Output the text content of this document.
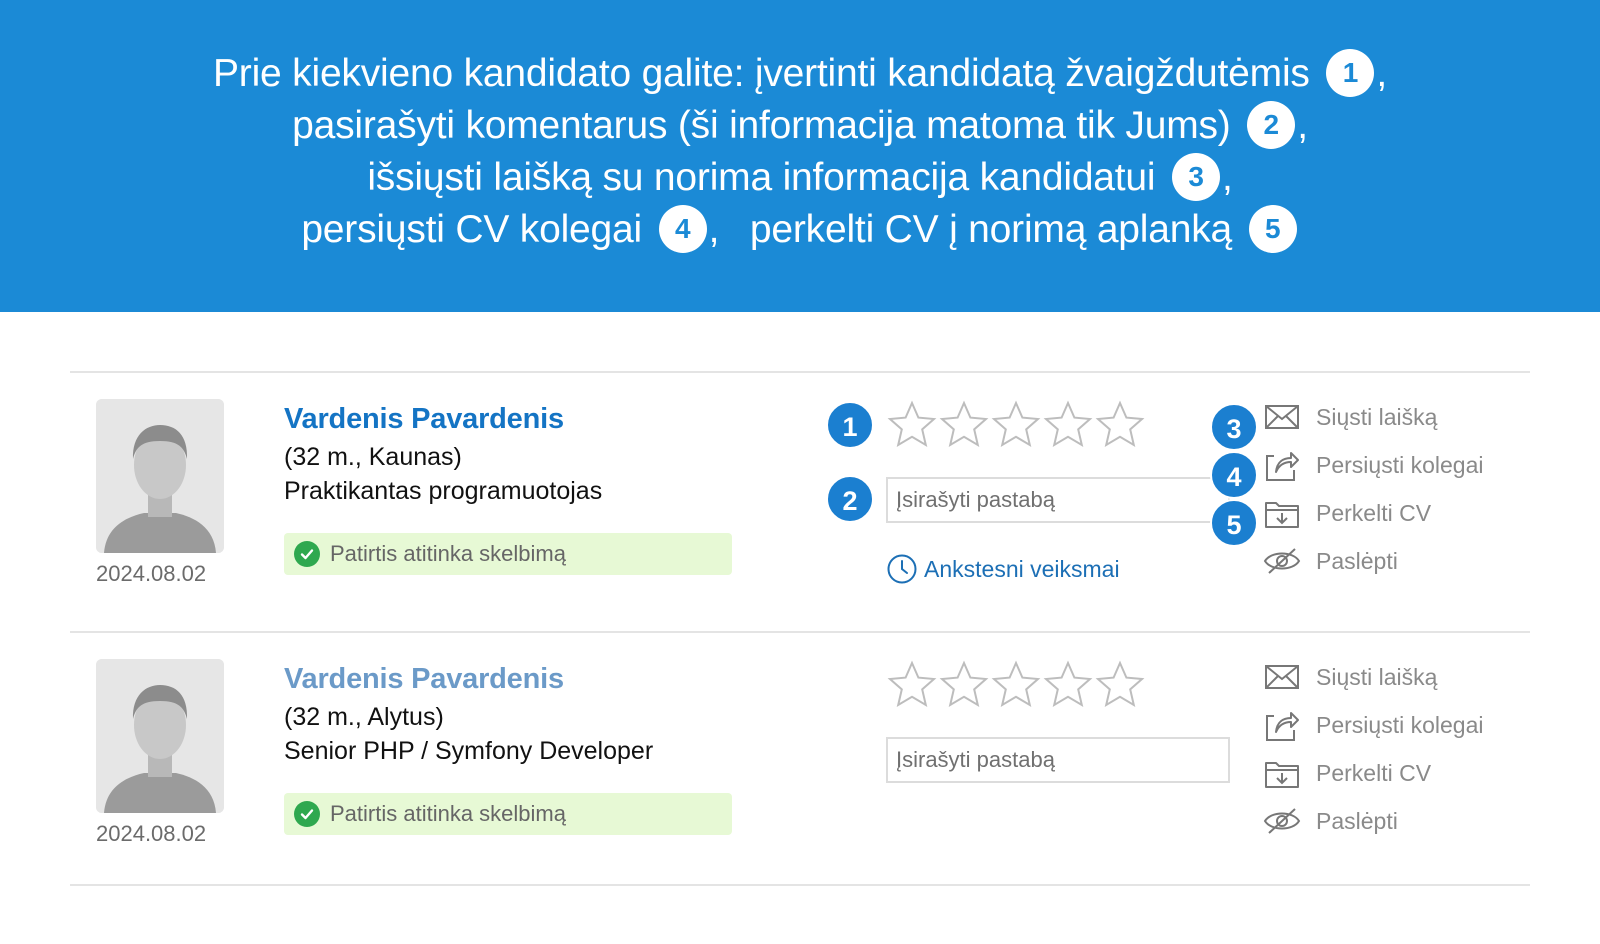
Prie kiekvieno kandidato galite: įvertinti kandidatą žvaigždutėmis 1 ,
pasirašyti komentarus (ši informacija matoma tik Jums) 2 ,
išsiųsti laišką su norima informacija kandidatui 3 ,
persiųsti CV kolegai 4 , perkelti CV į norimą aplanką 5
2024.08.02
Vardenis Pavardenis
(32 m., Kaunas)
Praktikantas programuotojas
Patirtis atitinka skelbimą
Įsirašyti pastabą
Ankstesni veiksmai
Siųsti laišką
Persiųsti kolegai
Perkelti CV
Paslėpti
1
2
3
4
5
2024.08.02
Vardenis Pavardenis
(32 m., Alytus)
Senior PHP / Symfony Developer
Patirtis atitinka skelbimą
Įsirašyti pastabą
Siųsti laišką
Persiųsti kolegai
Perkelti CV
Paslėpti
